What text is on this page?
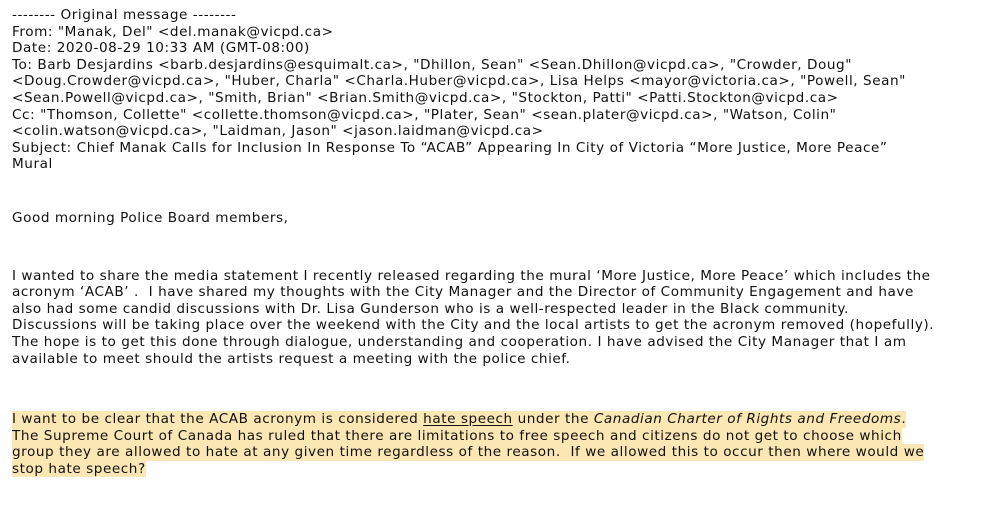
-------- Original message --------
From: "Manak, Del" <del.manak@vicpd.ca>
Date: 2020-08-29 10:33 AM (GMT-08:00)
To: Barb Desjardins <barb.desjardins@esquimalt.ca>, "Dhillon, Sean" <Sean.Dhillon@vicpd.ca>, "Crowder, Doug"
<Doug.Crowder@vicpd.ca>, "Huber, Charla" <Charla.Huber@vicpd.ca>, Lisa Helps <mayor@victoria.ca>, "Powell, Sean"
<Sean.Powell@vicpd.ca>, "Smith, Brian" <Brian.Smith@vicpd.ca>, "Stockton, Patti" <Patti.Stockton@vicpd.ca>
Cc: "Thomson, Collette" <collette.thomson@vicpd.ca>, "Plater, Sean" <sean.plater@vicpd.ca>, "Watson, Colin"
<colin.watson@vicpd.ca>, "Laidman, Jason" <jason.laidman@vicpd.ca>
Subject: Chief Manak Calls for Inclusion In Response To “ACAB” Appearing In City of Victoria “More Justice, More Peace”
Mural
Good morning Police Board members,
I wanted to share the media statement I recently released regarding the mural ‘More Justice, More Peace’ which includes the
acronym ‘ACAB’ .  I have shared my thoughts with the City Manager and the Director of Community Engagement and have
also had some candid discussions with Dr. Lisa Gunderson who is a well-respected leader in the Black community.
Discussions will be taking place over the weekend with the City and the local artists to get the acronym removed (hopefully).
The hope is to get this done through dialogue, understanding and cooperation. I have advised the City Manager that I am
available to meet should the artists request a meeting with the police chief.
I want to be clear that the ACAB acronym is considered hate speech under the Canadian Charter of Rights and Freedoms.
The Supreme Court of Canada has ruled that there are limitations to free speech and citizens do not get to choose which
group they are allowed to hate at any given time regardless of the reason.  If we allowed this to occur then where would we
stop hate speech?
